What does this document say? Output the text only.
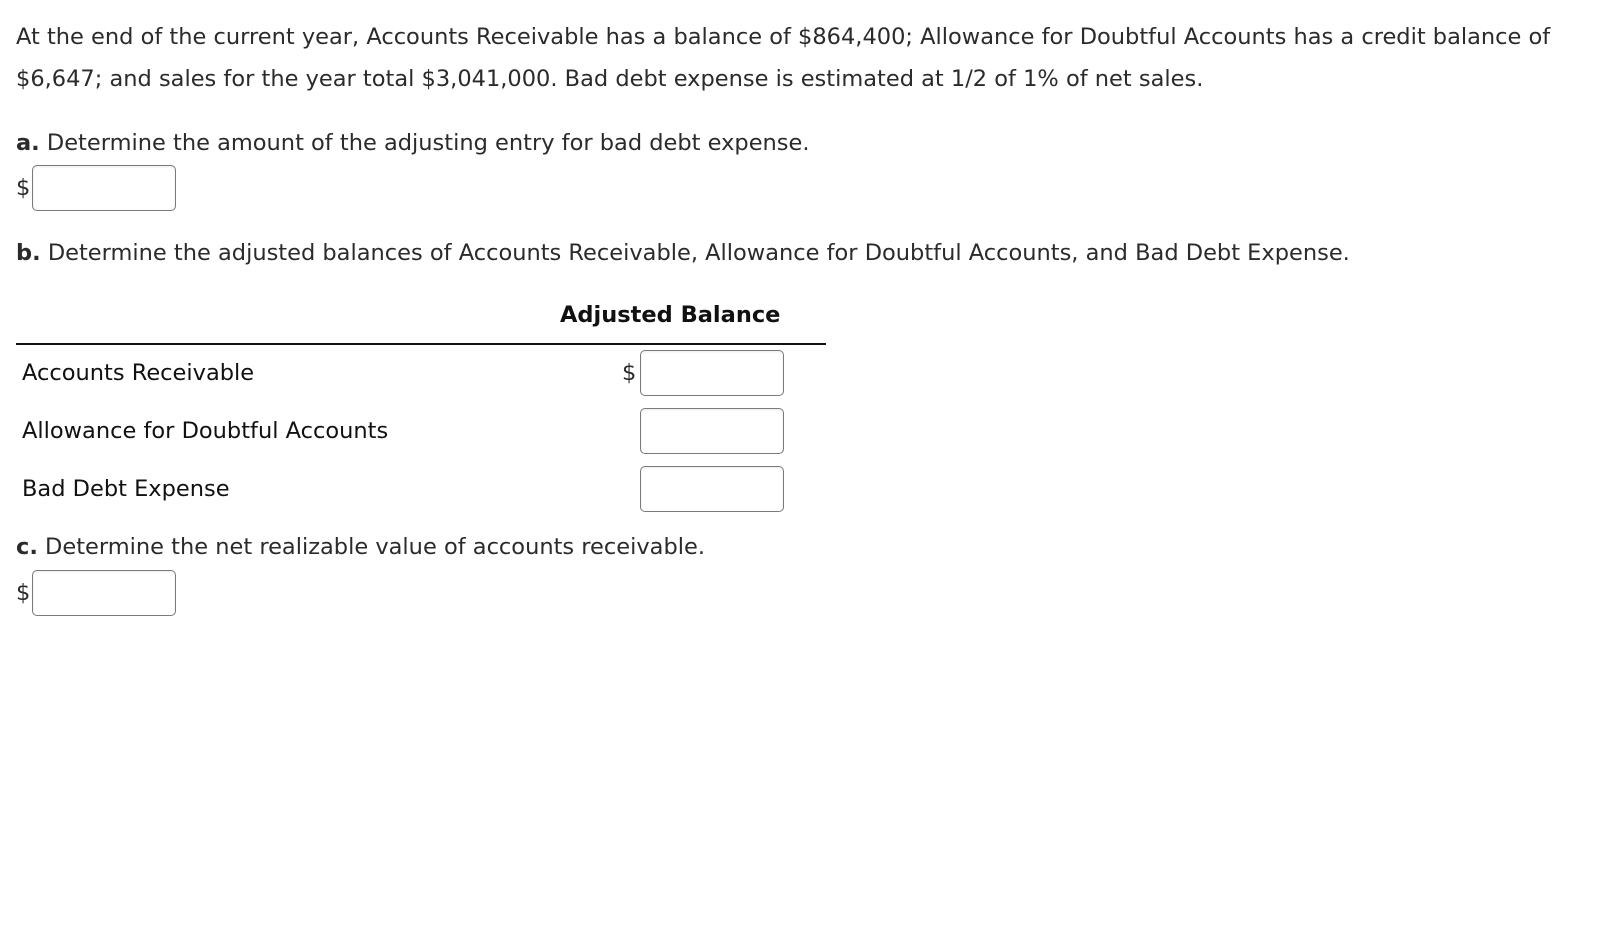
At the end of the current year, Accounts Receivable has a balance of $864,400; Allowance for Doubtful Accounts has a credit balance of $6,647; and sales for the year total $3,041,000. Bad debt expense is estimated at 1/2 of 1% of net sales.

a. Determine the amount of the adjusting entry for bad debt expense.

$

b. Determine the adjusted balances of Accounts Receivable, Allowance for Doubtful Accounts, and Bad Debt Expense.

Adjusted Balance
Accounts Receivable	$
Allowance for Doubtful Accounts
Bad Debt Expense

c. Determine the net realizable value of accounts receivable.

$
